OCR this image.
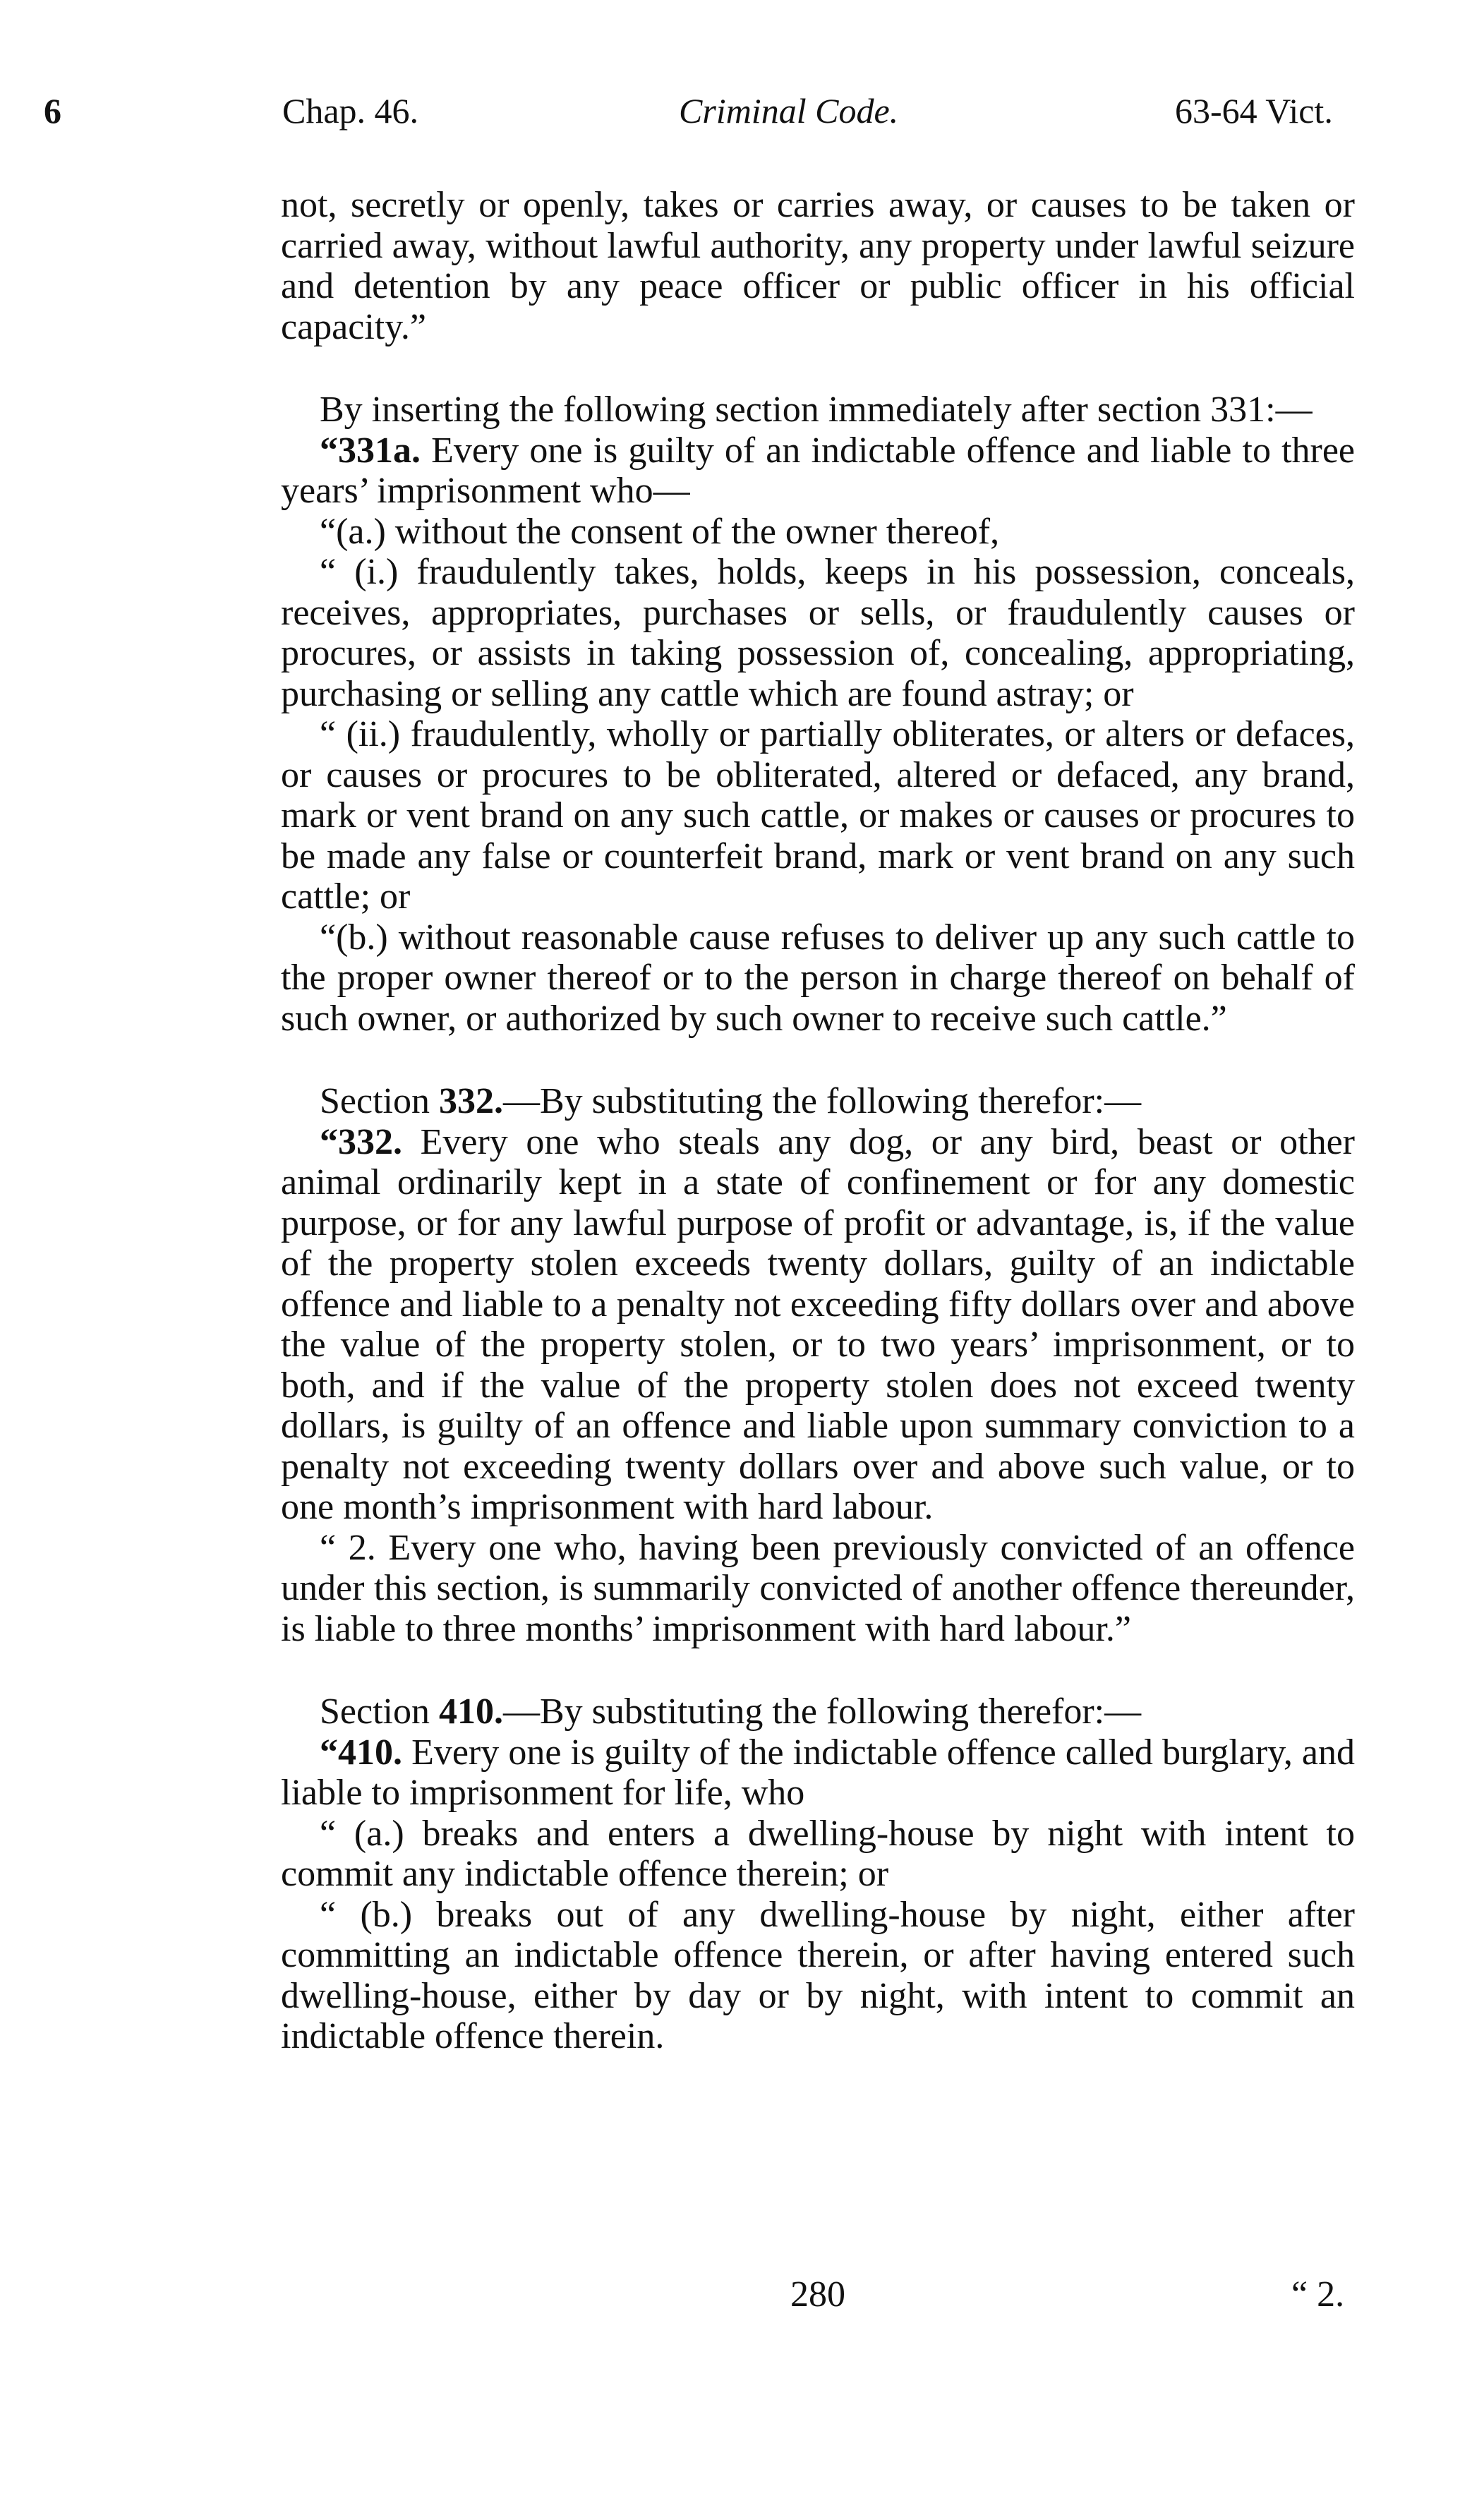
6	Chap. 46.	Criminal Code.	63-64 Vict.

not, secretly or openly, takes or carries away, or causes to be taken or carried away, without lawful authority, any property under lawful seizure and detention by any peace officer or public officer in his official capacity.”

By inserting the following section immediately after section 331:—

“331a. Every one is guilty of an indictable offence and liable to three years’ imprisonment who—

“(a.) without the consent of the owner thereof,

“ (i.) fraudulently takes, holds, keeps in his possession, conceals, receives, appropriates, purchases or sells, or fraudulently causes or procures, or assists in taking possession of, concealing, appropriating, purchasing or selling any cattle which are found astray; or

“ (ii.) fraudulently, wholly or partially obliterates, or alters or defaces, or causes or procures to be obliterated, altered or defaced, any brand, mark or vent brand on any such cattle, or makes or causes or procures to be made any false or counterfeit brand, mark or vent brand on any such cattle; or

“(b.) without reasonable cause refuses to deliver up any such cattle to the proper owner thereof or to the person in charge thereof on behalf of such owner, or authorized by such owner to receive such cattle.”

Section 332.—By substituting the following therefor:—

“332. Every one who steals any dog, or any bird, beast or other animal ordinarily kept in a state of confinement or for any domestic purpose, or for any lawful purpose of profit or advantage, is, if the value of the property stolen exceeds twenty dollars, guilty of an indictable offence and liable to a penalty not exceeding fifty dollars over and above the value of the property stolen, or to two years’ imprisonment, or to both, and if the value of the property stolen does not exceed twenty dollars, is guilty of an offence and liable upon summary conviction to a penalty not exceeding twenty dollars over and above such value, or to one month’s imprisonment with hard labour.

“ 2. Every one who, having been previously convicted of an offence under this section, is summarily convicted of another offence thereunder, is liable to three months’ imprisonment with hard labour.”

Section 410.—By substituting the following therefor:—

“410. Every one is guilty of the indictable offence called burglary, and liable to imprisonment for life, who

“ (a.) breaks and enters a dwelling-house by night with intent to commit any indictable offence therein; or

“ (b.) breaks out of any dwelling-house by night, either after committing an indictable offence therein, or after having entered such dwelling-house, either by day or by night, with intent to commit an indictable offence therein.

280	“ 2.
